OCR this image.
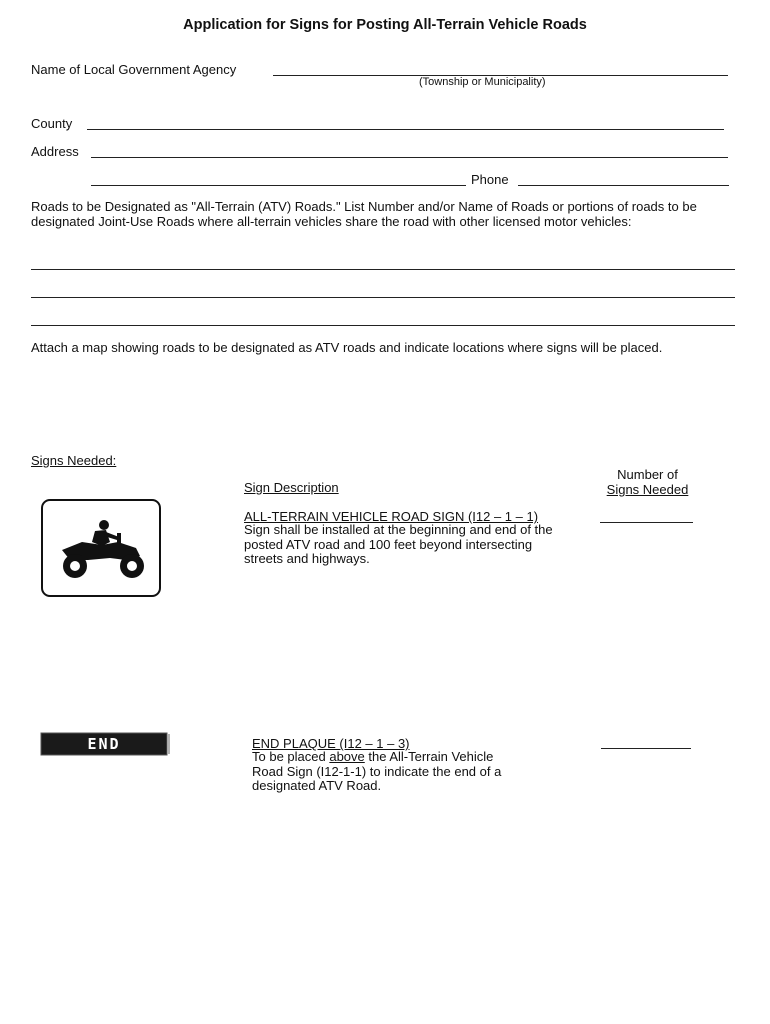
Application for Signs for Posting All-Terrain Vehicle Roads
Name of Local Government Agency
(Township or Municipality)
County
Address
Phone
Roads to be Designated as "All-Terrain (ATV) Roads." List Number and/or Name of Roads or portions of roads to be designated Joint-Use Roads where all-terrain vehicles share the road with other licensed motor vehicles:
Attach a map showing roads to be designated as ATV roads and indicate locations where signs will be placed.
Signs Needed:
Sign Description
Number of
Signs Needed
ALL-TERRAIN VEHICLE ROAD SIGN (I12 – 1 – 1)
Sign shall be installed at the beginning and end of the posted ATV road and 100 feet beyond intersecting streets and highways.
END	END PLAQUE (I12 – 1 – 3)
To be placed above the All-Terrain Vehicle Road Sign (I12-1-1) to indicate the end of a designated ATV Road.
